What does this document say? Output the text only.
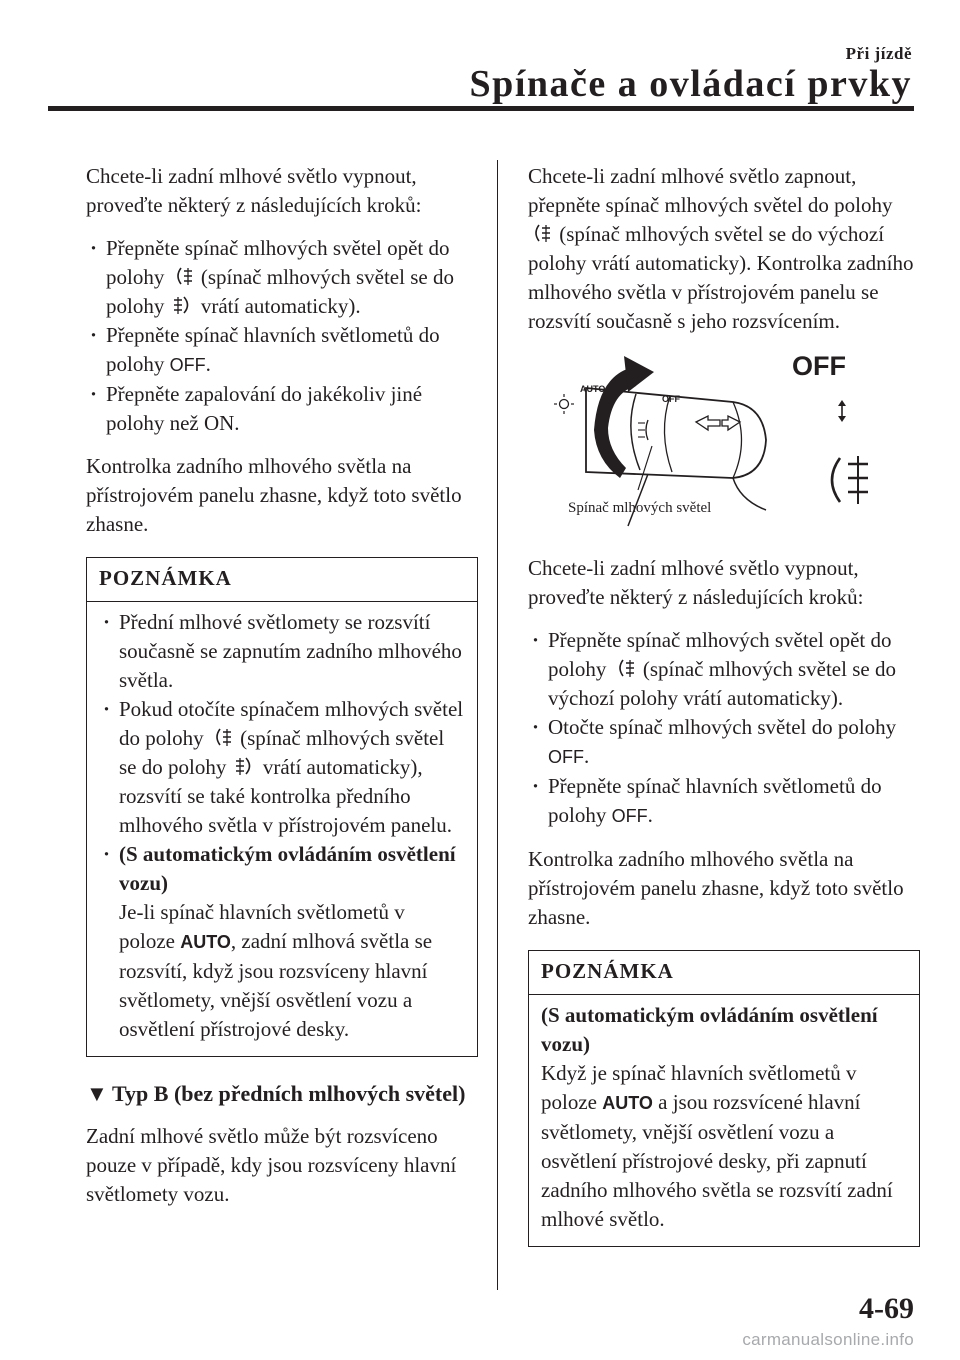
Při jízdě
Spínače a ovládací prvky

Chcete-li zadní mlhové světlo vypnout, proveďte některý z následujících kroků:

· Přepněte spínač mlhových světel opět do polohy (spínač mlhových světel se do polohy vrátí automaticky).
· Přepněte spínač hlavních světlometů do polohy OFF.
· Přepněte zapalování do jakékoliv jiné polohy než ON.

Kontrolka zadního mlhového světla na přístrojovém panelu zhasne, když toto světlo zhasne.

POZNÁMKA
· Přední mlhové světlomety se rozsvítí současně se zapnutím zadního mlhového světla.
· Pokud otočíte spínačem mlhových světel do polohy (spínač mlhových světel se do polohy vrátí automaticky), rozsvítí se také kontrolka předního mlhového světla v přístrojovém panelu.
· (S automatickým ovládáním osvětlení vozu)
Je-li spínač hlavních světlometů v poloze AUTO, zadní mlhová světla se rozsvítí, když jsou rozsvíceny hlavní světlomety, vnější osvětlení vozu a osvětlení přístrojové desky.
▼ Typ B (bez předních mlhových světel)

Zadní mlhové světlo může být rozsvíceno pouze v případě, kdy jsou rozsvíceny hlavní světlomety vozu.

Chcete-li zadní mlhové světlo zapnout, přepněte spínač mlhových světel do polohy  (spínač mlhových světel se do výchozí polohy vrátí automaticky). Kontrolka zadního mlhového světla v přístrojovém panelu se rozsvítí současně s jeho rozsvícením.

AUTO
OFF
OFF
Spínač mlhových světel

Chcete-li zadní mlhové světlo vypnout, proveďte některý z následujících kroků:

· Přepněte spínač mlhových světel opět do polohy (spínač mlhových světel se do výchozí polohy vrátí automaticky).
· Otočte spínač mlhových světel do polohy OFF.
· Přepněte spínač hlavních světlometů do polohy OFF.

Kontrolka zadního mlhového světla na přístrojovém panelu zhasne, když toto světlo zhasne.

POZNÁMKA

(S automatickým ovládáním osvětlení vozu)
Když je spínač hlavních světlometů v poloze AUTO a jsou rozsvícené hlavní světlomety, vnější osvětlení vozu a osvětlení přístrojové desky, při zapnutí zadního mlhového světla se rozsvítí zadní mlhové světlo.

4-69
carmanualsonline.info
